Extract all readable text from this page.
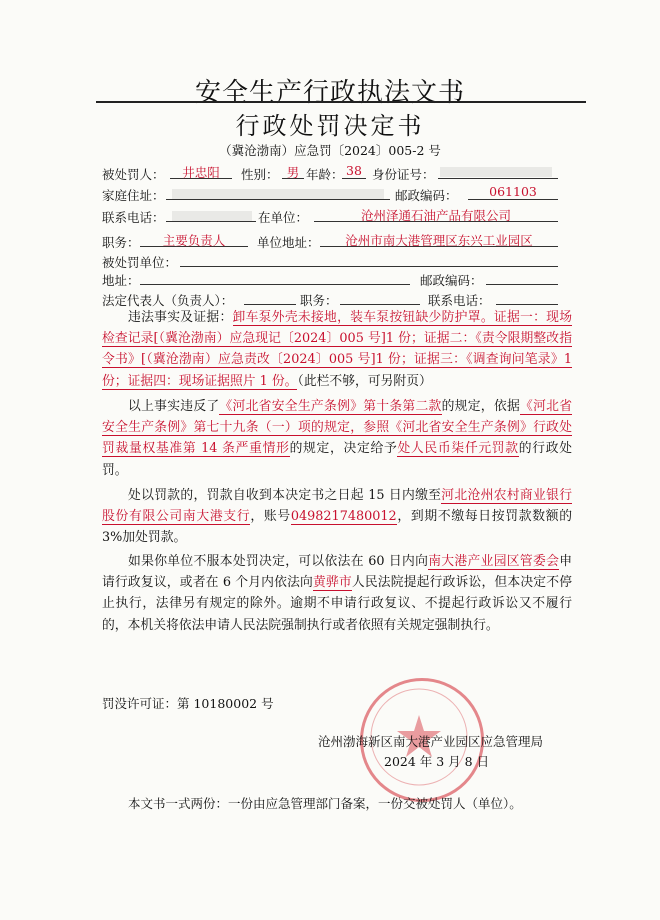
安全生产行政执法文书
行政处罚决定书
（冀沧渤南）应急罚〔2024〕005-2 号
被处罚人：	井忠阳	性别： 男 年龄： 38 身份证号：
家庭住址：	邮政编码：	061103
联系电话：	在单位：	沧州泽通石油产品有限公司
职务：	主要负责人	单位地址：	沧州市南大港管理区东兴工业园区
被处罚单位：
地址：	邮政编码：
法定代表人（负责人）：	职务：	联系电话：
违法事实及证据：卸车泵外壳未接地，装车泵按钮缺少防护罩。证据一：现场检查记录[（冀沧渤南）应急现记〔2024〕005 号]1 份；证据二：《责令限期整改指令书》[（冀沧渤南）应急责改〔2024〕005 号]1 份；证据三：《调查询问笔录》1 份；证据四：现场证据照片 1 份。（此栏不够，可另附页）
以上事实违反了《河北省安全生产条例》第十条第二款的规定，依据《河北省安全生产条例》第七十九条（一）项的规定，参照《河北省安全生产条例》行政处罚裁量权基准第 14 条严重情形的规定，决定给予处人民币柒仟元罚款的行政处罚。
处以罚款的，罚款自收到本决定书之日起 15 日内缴至河北沧州农村商业银行股份有限公司南大港支行，账号0498217480012，到期不缴每日按罚款数额的 3%加处罚款。
如果你单位不服本处罚决定，可以依法在 60 日内向南大港产业园区管委会申请行政复议，或者在 6 个月内依法向黄骅市人民法院提起行政诉讼，但本决定不停止执行，法律另有规定的除外。逾期不申请行政复议、不提起行政诉讼又不履行的，本机关将依法申请人民法院强制执行或者依照有关规定强制执行。
罚没许可证：第 10180002 号
沧州渤海新区南大港产业园区应急管理局
2024 年 3 月 8 日
本文书一式两份：一份由应急管理部门备案，一份交被处罚人（单位）。
